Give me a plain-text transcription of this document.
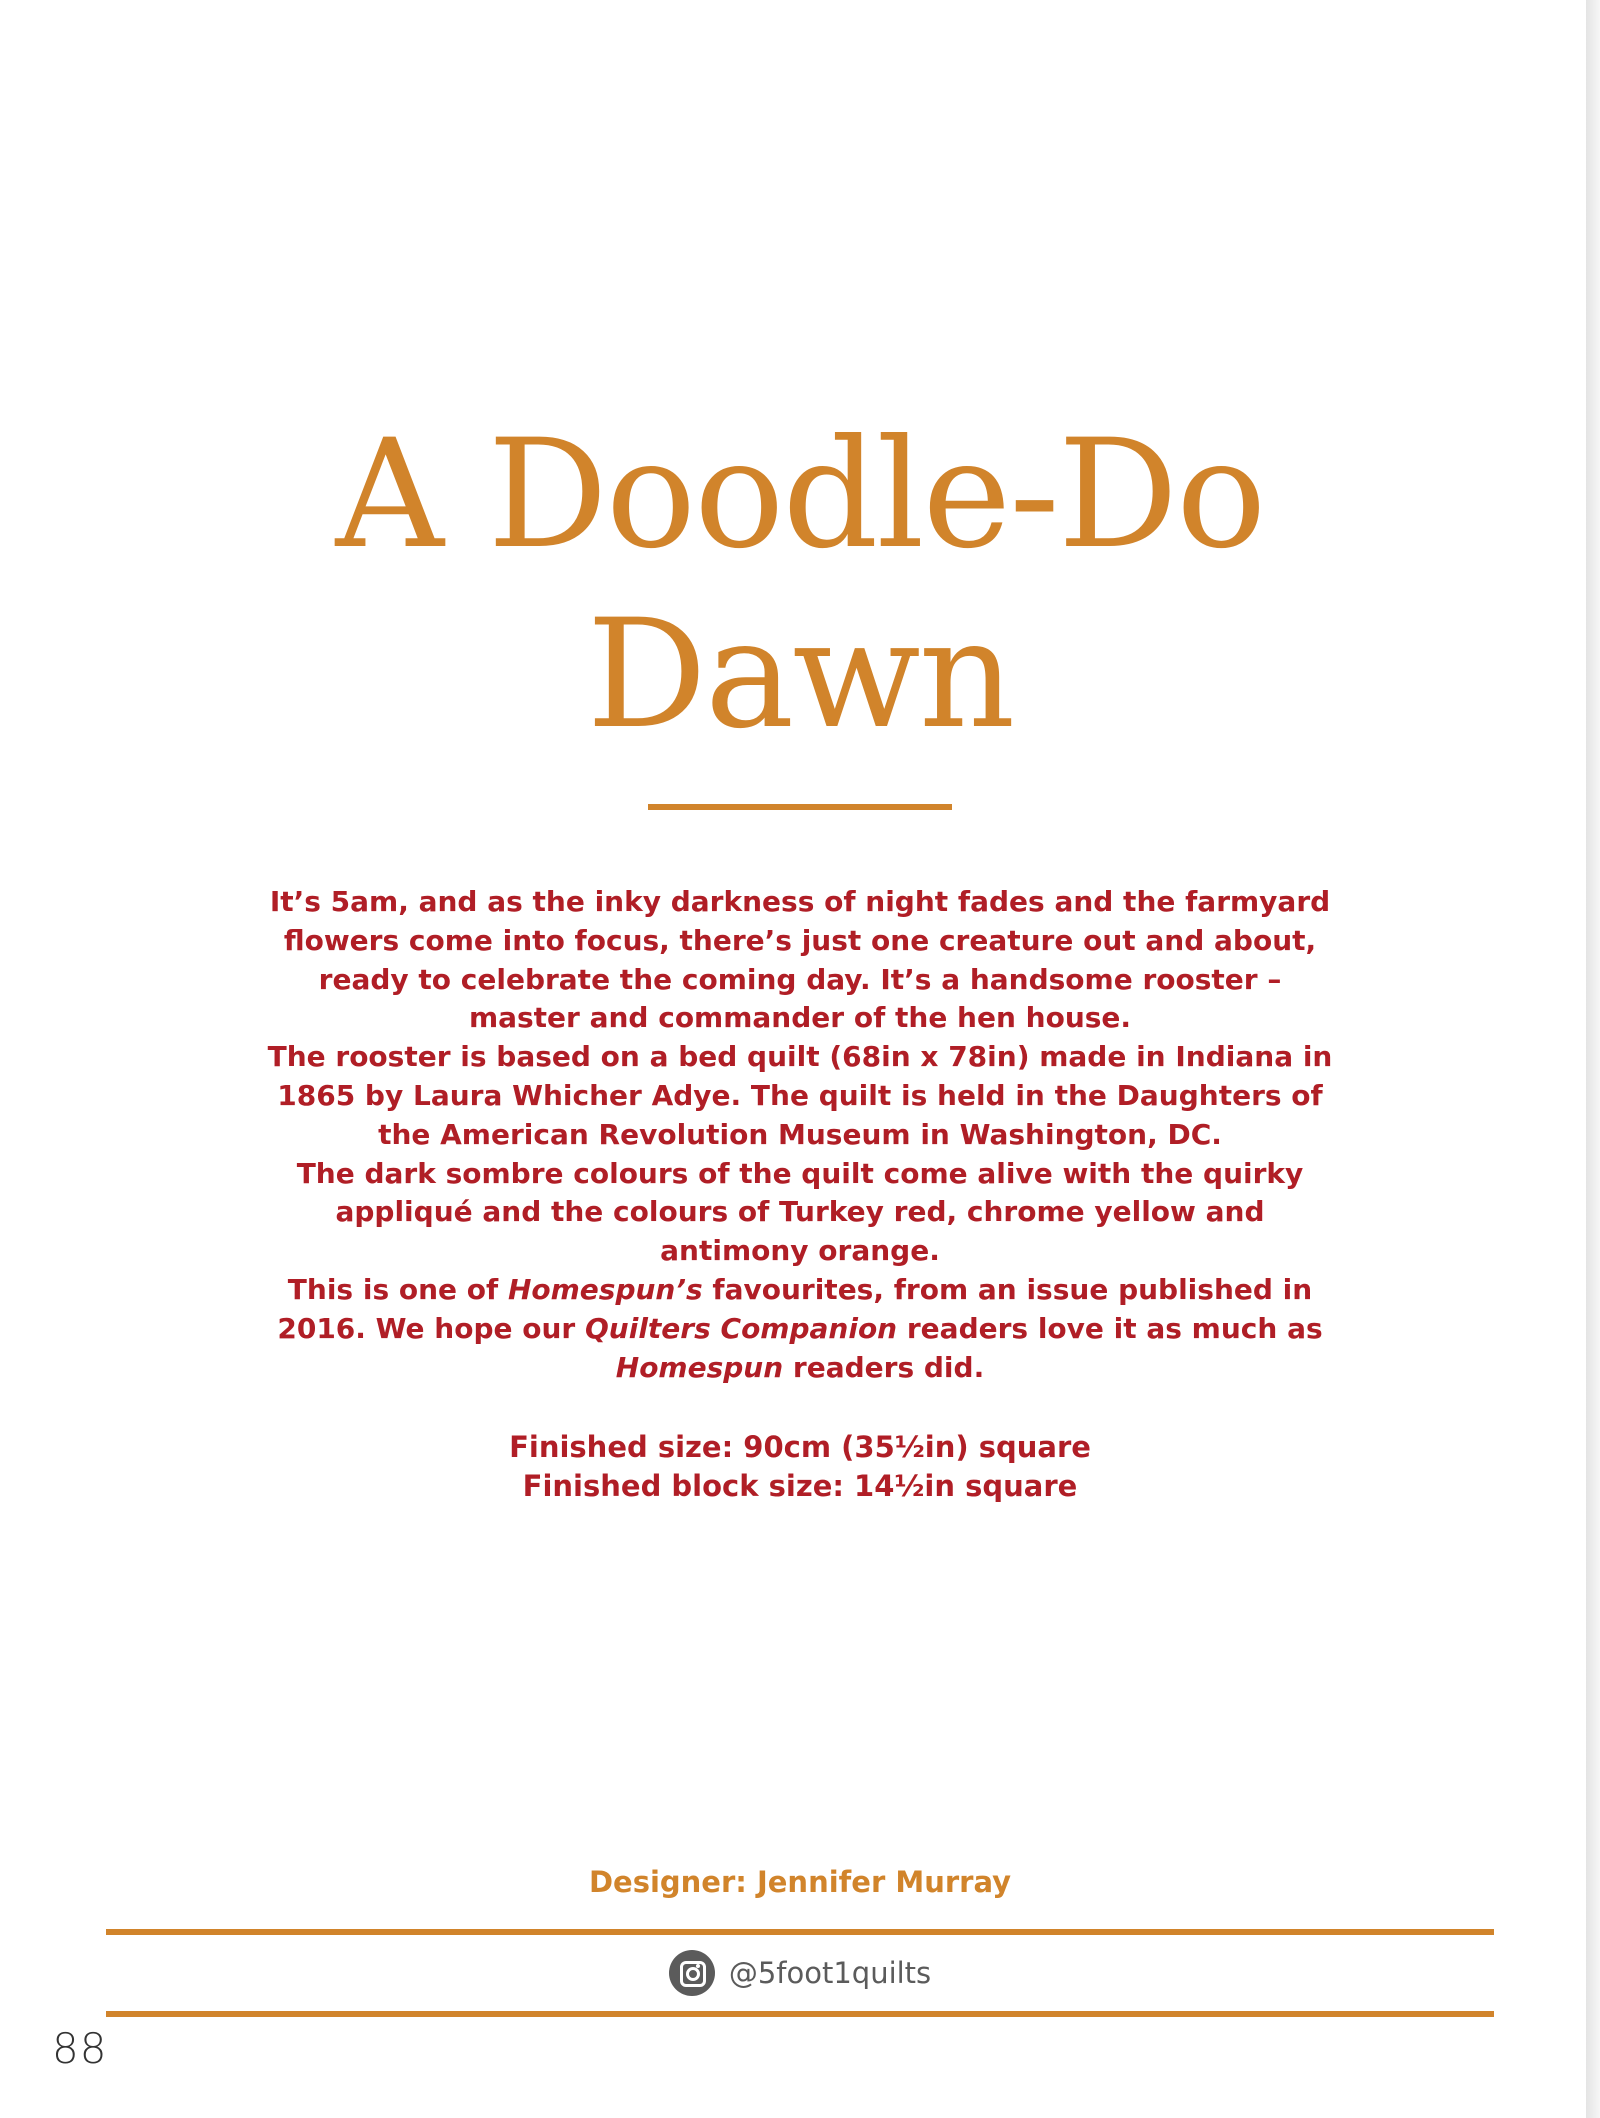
A Doodle-Do
Dawn

It’s 5am, and as the inky darkness of night fades and the farmyard flowers come into focus, there’s just one creature out and about, ready to celebrate the coming day. It’s a handsome rooster – master and commander of the hen house.

The rooster is based on a bed quilt (68in x 78in) made in Indiana in 1865 by Laura Whicher Adye. The quilt is held in the Daughters of the American Revolution Museum in Washington, DC.

The dark sombre colours of the quilt come alive with the quirky appliqué and the colours of Turkey red, chrome yellow and antimony orange.

This is one of Homespun’s favourites, from an issue published in 2016. We hope our Quilters Companion readers love it as much as Homespun readers did.

Finished size: 90cm (35½in) square
Finished block size: 14½in square
Designer: Jennifer Murray
@5foot1quilts
88
